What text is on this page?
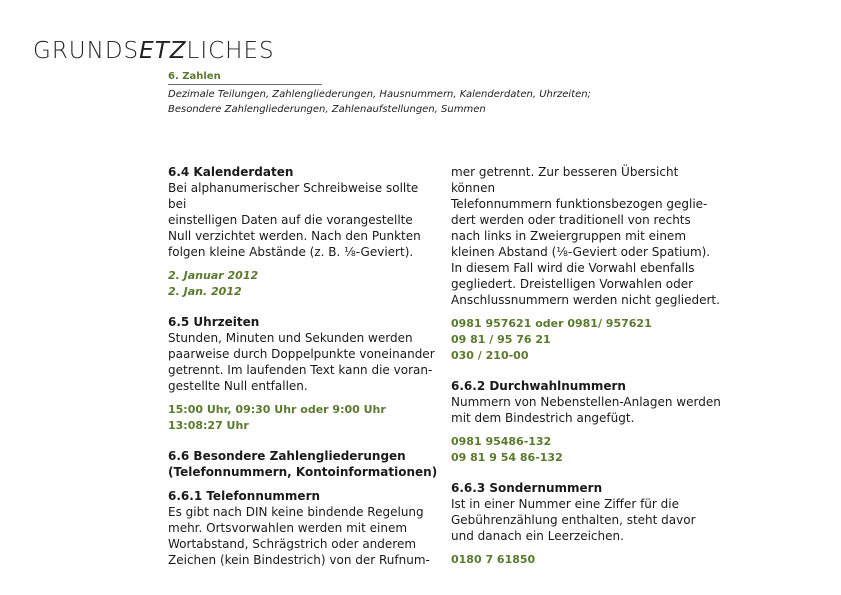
GRUNDSETZLICHES
6. Zahlen
Dezimale Teilungen, Zahlengliederungen, Hausnummern, Kalenderdaten, Uhrzeiten;
Besondere Zahlengliederungen, Zahlenaufstellungen, Summen
6.4 Kalenderdaten
Bei alphanumerischer Schreibweise sollte bei
einstelligen Daten auf die vorangestellte
Null verzichtet werden. Nach den Punkten
folgen kleine Abstände (z. B. ⅛-Geviert).
2. Januar 2012
2. Jan. 2012
6.5 Uhrzeiten
Stunden, Minuten und Sekunden werden
paarweise durch Doppelpunkte voneinander
getrennt. Im laufenden Text kann die voran-
gestellte Null entfallen.
15:00 Uhr, 09:30 Uhr oder 9:00 Uhr
13:08:27 Uhr
6.6 Besondere Zahlengliederungen
(Telefonnummern, Kontoinformationen)
6.6.1 Telefonnummern
Es gibt nach DIN keine bindende Regelung
mehr. Ortsvorwahlen werden mit einem
Wortabstand, Schrägstrich oder anderem
Zeichen (kein Bindestrich) von der Rufnum-
mer getrennt. Zur besseren Übersicht können
Telefonnummern funktionsbezogen geglie-
dert werden oder traditionell von rechts
nach links in Zweiergruppen mit einem
kleinen Abstand (⅛-Geviert oder Spatium).
In diesem Fall wird die Vorwahl ebenfalls
gegliedert. Dreistelligen Vorwahlen oder
Anschlussnummern werden nicht gegliedert.
0981 957621 oder 0981/ 957621
09 81 / 95 76 21
030 / 210-00
6.6.2 Durchwahlnummern
Nummern von Nebenstellen-Anlagen werden
mit dem Bindestrich angefügt.
0981 95486-132
09 81 9 54 86-132
6.6.3 Sondernummern
Ist in einer Nummer eine Ziffer für die
Gebührenzählung enthalten, steht davor
und danach ein Leerzeichen.
0180 7 61850
